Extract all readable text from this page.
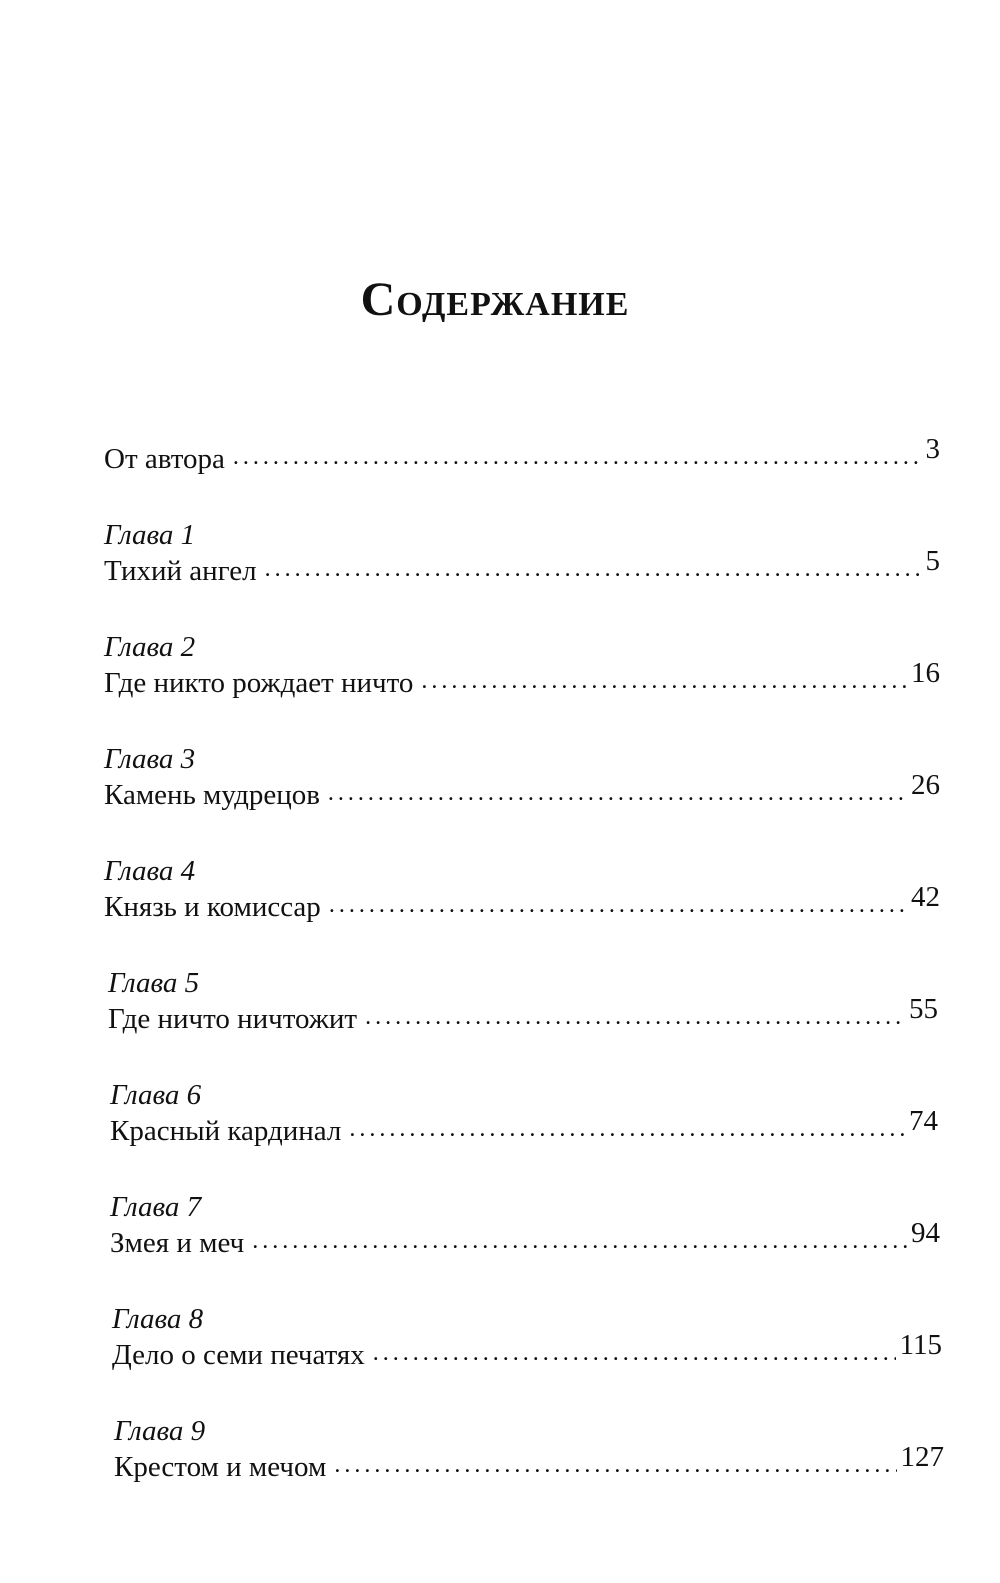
Содержание
От автора . . .	3
Глава 1
Тихий ангел . . .	5
Глава 2
Где никто рождает ничто . . .	16
Глава 3
Камень мудрецов . . .	26
Глава 4
Князь и комиссар . . .	42
Глава 5
Где ничто ничтожит . . .	55
Глава 6
Красный кардинал . . .	74
Глава 7
Змея и меч . . .	94
Глава 8
Дело о семи печатях . . .	115
Глава 9
Крестом и мечом . . .	127
